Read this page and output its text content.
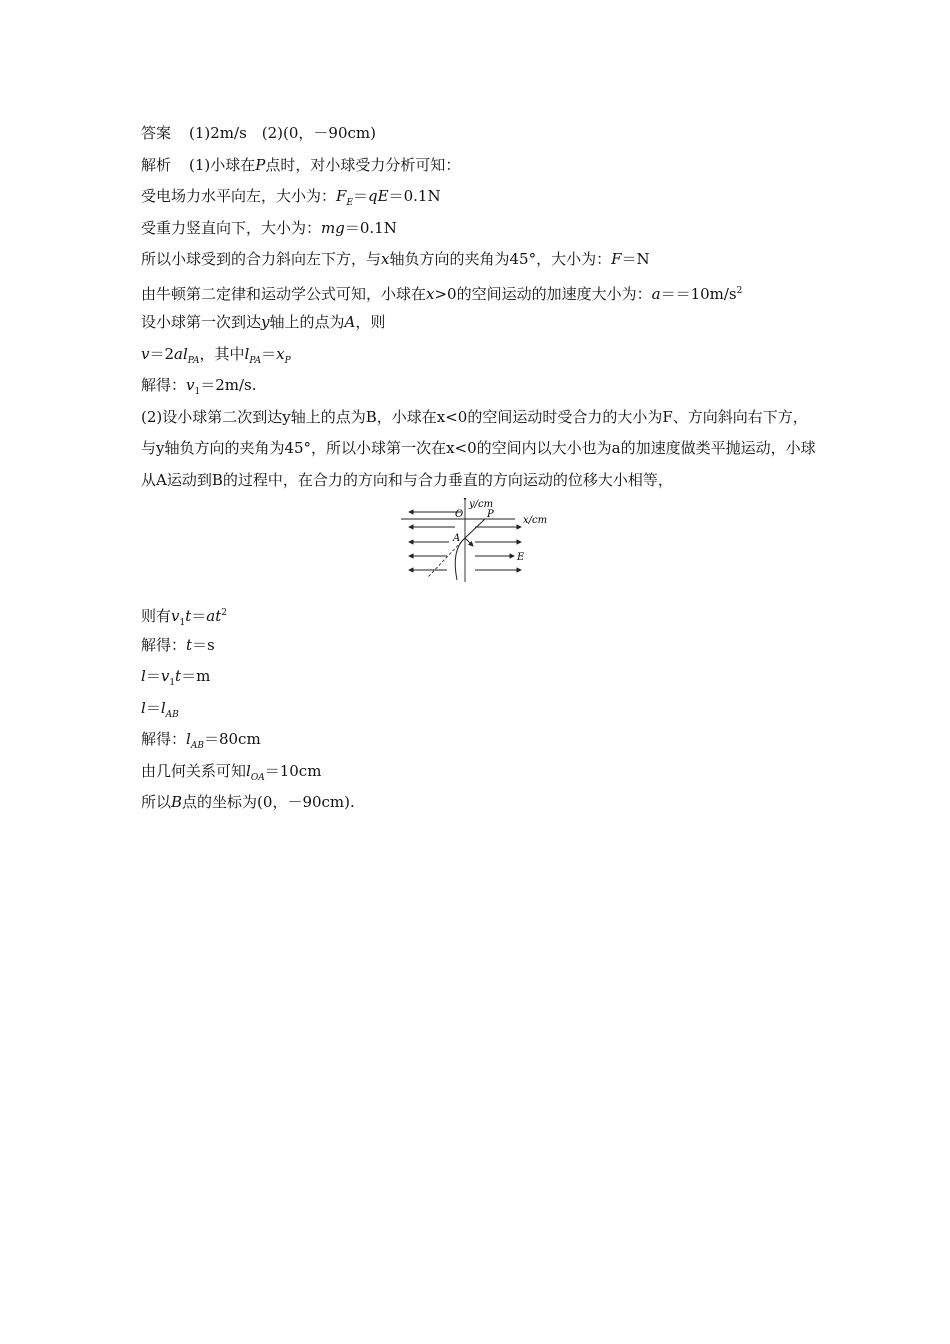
答案 (1)2m/s　(2)(0，－90cm)
解析 (1)小球在P点时，对小球受力分析可知：
受电场力水平向左，大小为：$F_E=qE=0.1N$
受重力竖直向下，大小为：mg＝0.1N
所以小球受到的合力斜向左下方，与x轴负方向的夹角为45°，大小为：F＝N
由牛顿第二定律和运动学公式可知，小球在x>0的空间运动的加速度大小为：$a==10m/s^2$
设小球第一次到达y轴上的点为A，则
$v=2al_{PA}$，其中$l_{PA}=x_P$
解得：$v_1=2m/s$.
(2)设小球第二次到达y轴上的点为B，小球在x<0的空间运动时受合力的大小为F、方向斜向右下方，与y轴负方向的夹角为45°，所以小球第一次在x<0的空间内以大小也为a的加速度做类平抛运动，小球从A运动到B的过程中，在合力的方向和与合力垂直的方向运动的位移大小相等，
y/cm
x/cm
O P
A
E
则有$v_1t=at^2$
解得：t＝s
$l=v_1t=m$
$l=l_{AB}$
解得：$l_{AB}=80cm$
由几何关系可知$l_{OA}=10cm$
所以B点的坐标为(0，－90cm).
